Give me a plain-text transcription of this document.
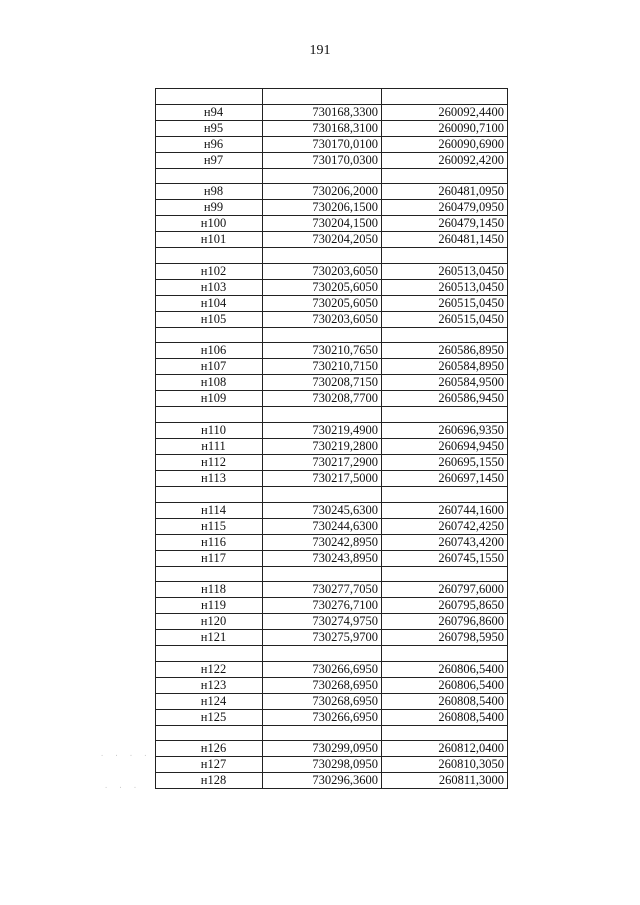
191

н94	730168,3300	260092,4400
н95	730168,3100	260090,7100
н96	730170,0100	260090,6900
н97	730170,0300	260092,4200

н98	730206,2000	260481,0950
н99	730206,1500	260479,0950
н100	730204,1500	260479,1450
н101	730204,2050	260481,1450

н102	730203,6050	260513,0450
н103	730205,6050	260513,0450
н104	730205,6050	260515,0450
н105	730203,6050	260515,0450

н106	730210,7650	260586,8950
н107	730210,7150	260584,8950
н108	730208,7150	260584,9500
н109	730208,7700	260586,9450

н110	730219,4900	260696,9350
н111	730219,2800	260694,9450
н112	730217,2900	260695,1550
н113	730217,5000	260697,1450

н114	730245,6300	260744,1600
н115	730244,6300	260742,4250
н116	730242,8950	260743,4200
н117	730243,8950	260745,1550

н118	730277,7050	260797,6000
н119	730276,7100	260795,8650
н120	730274,9750	260796,8600
н121	730275,9700	260798,5950

н122	730266,6950	260806,5400
н123	730268,6950	260806,5400
н124	730268,6950	260808,5400
н125	730266,6950	260808,5400

н126	730299,0950	260812,0400
н127	730298,0950	260810,3050
н128	730296,3600	260811,3000
· · · ·
· · ·
